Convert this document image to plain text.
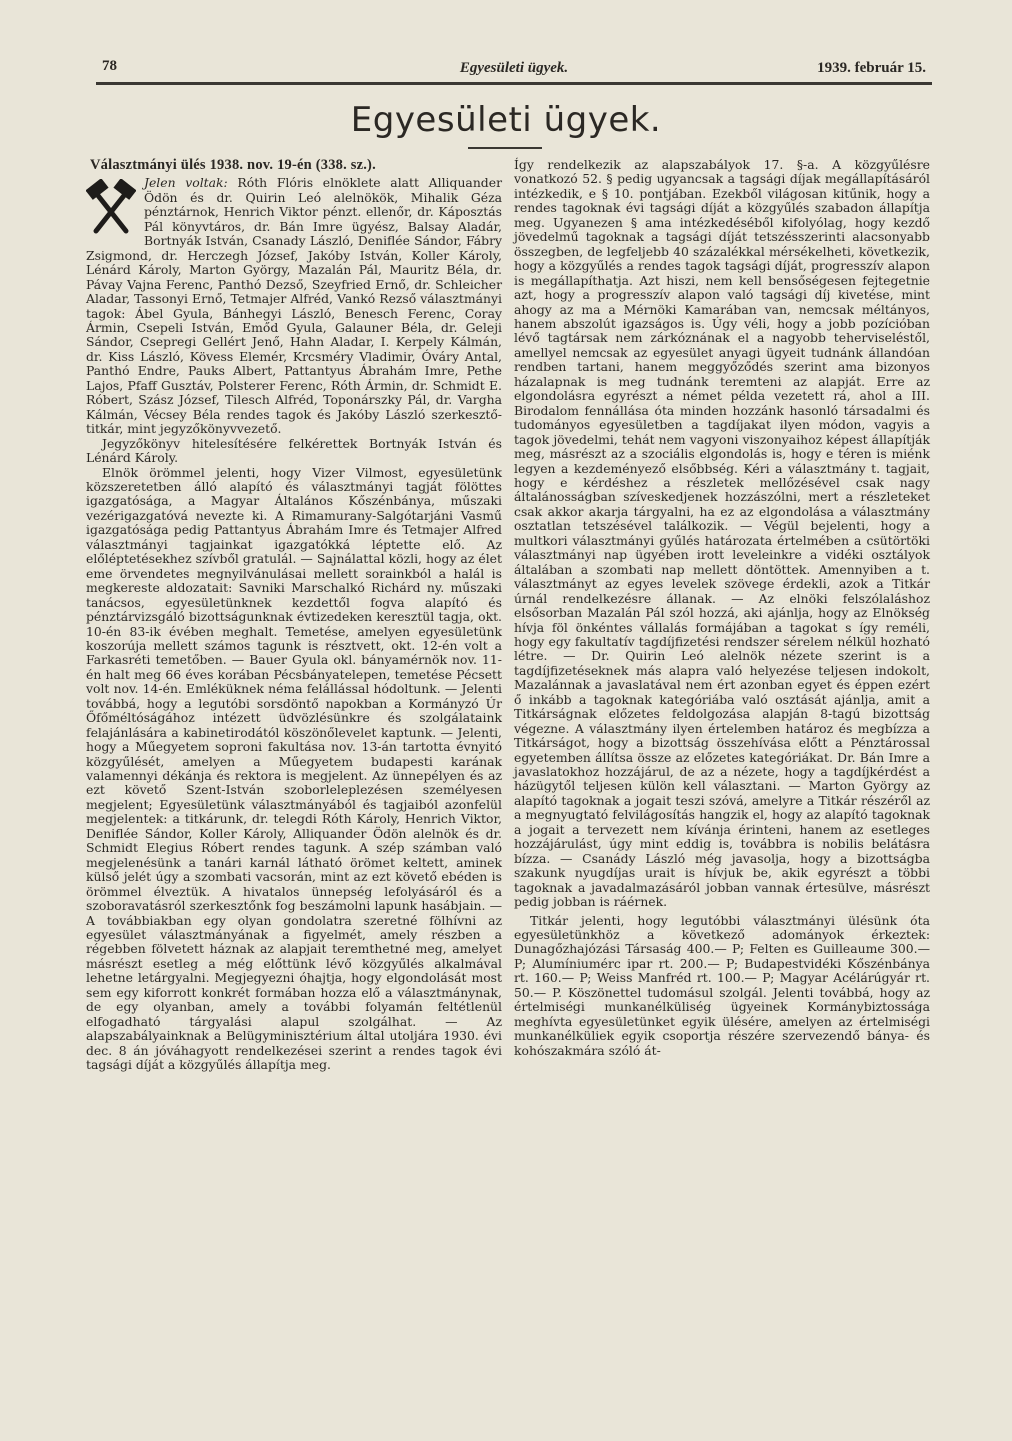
78	Egyesületi ügyek.	1939. február 15.
Egyesületi ügyek.
Választmányi ülés 1938. nov. 19-én (338. sz.).

Jelen voltak: Róth Flóris elnöklete alatt Alliquander Ödön és dr. Quirin Leó alelnökök, Mihalik Géza pénztárnok, Henrich Viktor pénzt. ellenőr, dr. Káposztás Pál könyvtáros, dr. Bán Imre ügyész, Balsay Aladár, Bortnyák István, Csanady László, Deniflée Sándor, Fábry Zsigmond, dr. Herczegh József, Jakóby István, Koller Károly, Lénárd Károly, Marton György, Mazalán Pál, Mauritz Béla, dr. Pávay Vajna Ferenc, Panthó Dezső, Szeyfried Ernő, dr. Schleicher Aladar, Tassonyi Ernő, Tetmajer Alfréd, Vankó Rezső választmányi tagok: Ábel Gyula, Bánhegyi László, Benesch Ferenc, Coray Ármin, Csepeli István, Emőd Gyula, Galauner Béla, dr. Geleji Sándor, Csepregi Gellért Jenő, Hahn Aladar, I. Kerpely Kálmán, dr. Kiss László, Kövess Elemér, Krcsméry Vladimir, Óváry Antal, Panthó Endre, Pauks Albert, Pattantyus Ábrahám Imre, Pethe Lajos, Pfaff Gusztáv, Polsterer Ferenc, Róth Ármin, dr. Schmidt E. Róbert, Szász József, Tilesch Alfréd, Toponárszky Pál, dr. Vargha Kálmán, Vécsey Béla rendes tagok és Jakóby László szerkesztő-titkár, mint jegyzőkönyvvezető.

Jegyzőkönyv hitelesítésére felkérettek Bortnyák István és Lénárd Károly.

Elnök örömmel jelenti, hogy Vizer Vilmost, egyesületünk közszeretetben álló alapító és választmányi tagját fölöttes igazgatósága, a Magyar Általános Kőszénbánya, műszaki vezérigazgatóvá nevezte ki. A Rimamurany-Salgótarjáni Vasmű igazgatósága pedig Pattantyus Ábrahám Imre és Tetmajer Alfred választmányi tagjainkat igazgatókká léptette elő. Az előléptetésekhez szívből gratulál. — Sajnálattal közli, hogy az élet eme örvendetes megnyilvánulásai mellett sorainkból a halál is megkereste aldozatait: Savniki Marschalkó Richárd ny. műszaki tanácsos, egyesületünknek kezdettől fogva alapító és pénztárvizsgáló bizottságunknak évtizedeken keresztül tagja, okt. 10-én 83-ik évében meghalt. Temetése, amelyen egyesületünk koszorúja mellett számos tagunk is résztvett, okt. 12-én volt a Farkasréti temetőben. — Bauer Gyula okl. bányamérnök nov. 11-én halt meg 66 éves korában Pécsbányatelepen, temetése Pécsett volt nov. 14-én. Emléküknek néma felállással hódoltunk. — Jelenti továbbá, hogy a legutóbi sorsdöntő napokban a Kormányzó Úr Őfőméltóságához intézett üdvözlésünkre és szolgálataink felajánlására a kabinetirodától köszönőlevelet kaptunk. — Jelenti, hogy a Műegyetem soproni fakultása nov. 13-án tartotta évnyitó közgyűlését, amelyen a Műegyetem budapesti karának valamennyi dékánja és rektora is megjelent. Az ünnepélyen és az ezt követő Szent-István szoborleleplezésen személyesen megjelent; Egyesületünk választmányából és tagjaiból azonfelül megjelentek: a titkárunk, dr. telegdi Róth Károly, Henrich Viktor, Deniflée Sándor, Koller Károly, Alliquander Ödön alelnök és dr. Schmidt Elegius Róbert rendes tagunk. A szép számban való megjelenésünk a tanári karnál látható örömet keltett, aminek külső jelét úgy a szombati vacsorán, mint az ezt követő ebéden is örömmel élveztük. A hivatalos ünnepség lefolyásáról és a szoboravatásról szerkesztőnk fog beszámolni lapunk hasábjain. — A továbbiakban egy olyan gondolatra szeretné fölhívni az egyesület választmányának a figyelmét, amely részben a régebben fölvetett háznak az alapjait teremthetné meg, amelyet másrészt esetleg a még előttünk lévő közgyűlés alkalmával lehetne letárgyalni. Megjegyezni óhajtja, hogy elgondolását most sem egy kiforrott konkrét formában hozza elő a választmánynak, de egy olyanban, amely a további folyamán feltétlenül elfogadható tárgyalási alapul szolgálhat. — Az alapszabályainknak a Belügyminisztérium által utoljára 1930. évi dec. 8 án jóváhagyott rendelkezései szerint a rendes tagok évi tagsági díját a közgyűlés állapítja meg.

Így rendelkezik az alapszabályok 17. §-a. A közgyűlésre vonatkozó 52. § pedig ugyancsak a tagsági díjak megállapításáról intézkedik, e § 10. pontjában. Ezekből világosan kitűnik, hogy a rendes tagoknak évi tagsági díját a közgyűlés szabadon állapítja meg. Ugyanezen § ama intézkedéséből kifolyólag, hogy kezdő jövedelmű tagoknak a tagsági díját tetszésszerinti alacsonyabb összegben, de legfeljebb 40 százalékkal mérsékelheti, következik, hogy a közgyűlés a rendes tagok tagsági díját, progresszív alapon is megállapíthatja. Azt hiszi, nem kell bensőségesen fejtegetnie azt, hogy a progresszív alapon való tagsági díj kivetése, mint ahogy az ma a Mérnöki Kamarában van, nemcsak méltányos, hanem abszolút igazságos is. Úgy véli, hogy a jobb pozícióban lévő tagtársak nem zárkóznának el a nagyobb teherviseléstől, amellyel nemcsak az egyesület anyagi ügyeit tudnánk állandóan rendben tartani, hanem meggyőződés szerint ama bizonyos házalapnak is meg tudnánk teremteni az alapját. Erre az elgondolásra egyrészt a német példa vezetett rá, ahol a III. Birodalom fennállása óta minden hozzánk hasonló társadalmi és tudományos egyesületben a tagdíjakat ilyen módon, vagyis a tagok jövedelmi, tehát nem vagyoni viszonyaihoz képest állapítják meg, másrészt az a szociális elgondolás is, hogy e téren is miénk legyen a kezdeményező elsőbbség. Kéri a választmány t. tagjait, hogy e kérdéshez a részletek mellőzésével csak nagy általánosságban szíveskedjenek hozzászólni, mert a részleteket csak akkor akarja tárgyalni, ha ez az elgondolása a választmány osztatlan tetszésével találkozik. — Végül bejelenti, hogy a multkori választmányi gyűlés határozata értelmében a csütörtöki választmányi nap ügyében irott leveleinkre a vidéki osztályok általában a szombati nap mellett döntöttek. Amennyiben a t. választmányt az egyes levelek szövege érdekli, azok a Titkár úrnál rendelkezésre állanak. — Az elnöki felszólaláshoz elsősorban Mazalán Pál szól hozzá, aki ajánlja, hogy az Elnökség hívja föl önkéntes vállalás formájában a tagokat s így reméli, hogy egy fakultatív tagdíjfizetési rendszer sérelem nélkül hozható létre. — Dr. Quirin Leó alelnök nézete szerint is a tagdíjfizetéseknek más alapra való helyezése teljesen indokolt, Mazalánnak a javaslatával nem ért azonban egyet és éppen ezért ő inkább a tagoknak kategóriába való osztását ajánlja, amit a Titkárságnak előzetes feldolgozása alapján 8-tagú bizottság végezne. A választmány ilyen értelemben határoz és megbízza a Titkárságot, hogy a bizottság összehívása előtt a Pénztárossal egyetemben állítsa össze az előzetes kategóriákat. Dr. Bán Imre a javaslatokhoz hozzájárul, de az a nézete, hogy a tagdíjkérdést a házügytől teljesen külön kell választani. — Marton György az alapító tagoknak a jogait teszi szóvá, amelyre a Titkár részéről az a megnyugtató felvilágosítás hangzik el, hogy az alapító tagoknak a jogait a tervezett nem kívánja érinteni, hanem az esetleges hozzájárulást, úgy mint eddig is, továbbra is nobilis belátásra bízza. — Csanády László még javasolja, hogy a bizottságba szakunk nyugdíjas urait is hívjuk be, akik egyrészt a többi tagoknak a javadalmazásáról jobban vannak értesülve, másrészt pedig jobban is ráérnek.

Titkár jelenti, hogy legutóbbi választmányi ülésünk óta egyesületünkhöz a következő adományok érkeztek: Dunagőzhajózási Társaság 400.— P; Felten es Guilleaume 300.— P; Alumíniumérc ipar rt. 200.— P; Budapestvidéki Kőszénbánya rt. 160.— P; Weiss Manfréd rt. 100.— P; Magyar Acélárúgyár rt. 50.— P. Köszönettel tudomásul szolgál. Jelenti továbbá, hogy az értelmiségi munkanélküliség ügyeinek Kormánybiztossága meghívta egyesületünket egyik ülésére, amelyen az értelmiségi munkanélküliek egyik csoportja részére szervezendő bánya- és kohószakmára szóló át-
